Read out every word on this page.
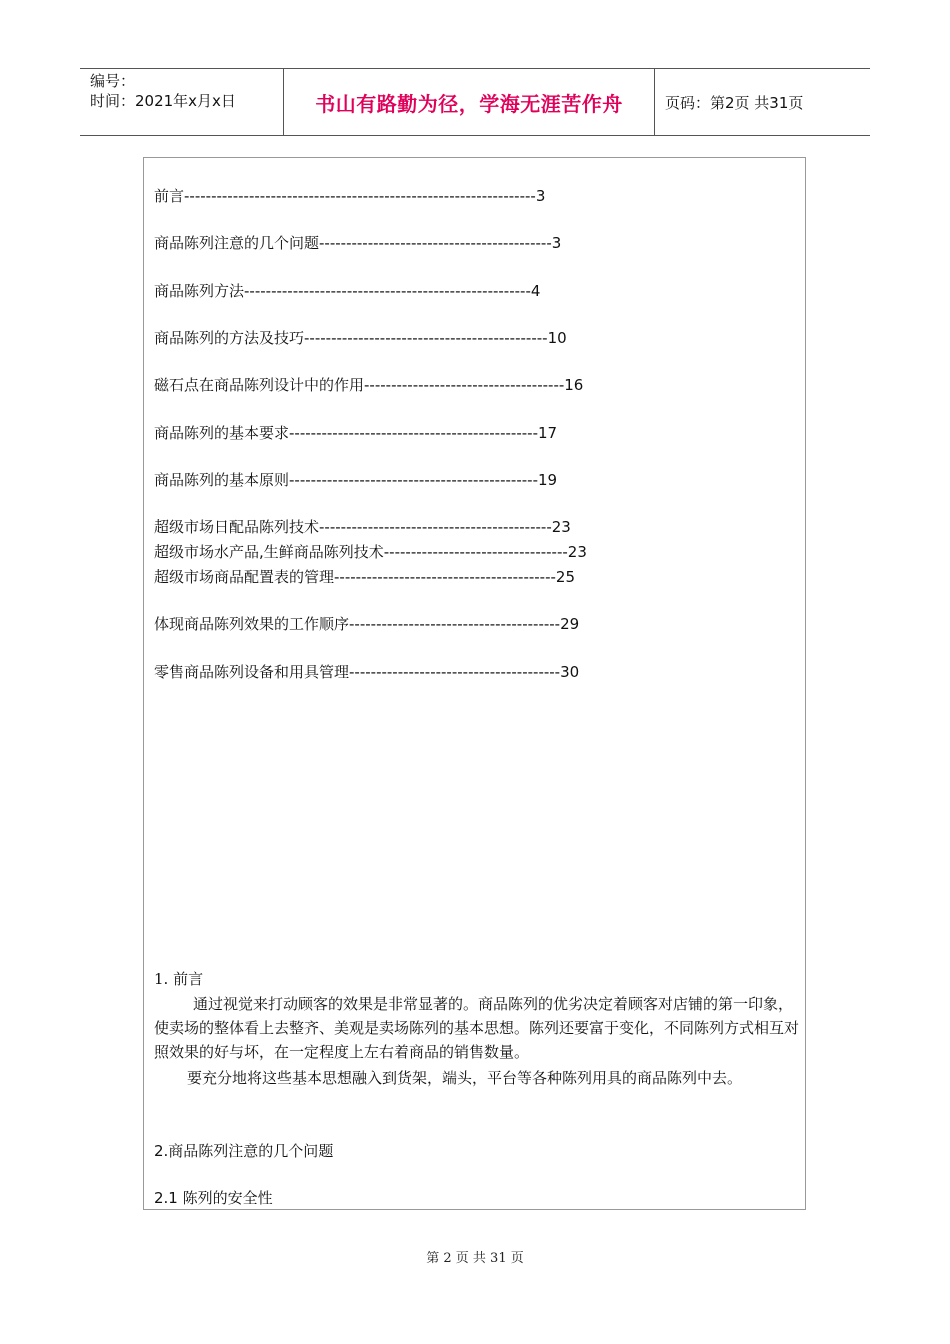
编号：
时间：2021年x月x日	书山有路勤为径，学海无涯苦作舟	页码：第2页 共31页
前言-----------------------------------------------------------------3
商品陈列注意的几个问题-------------------------------------------3
商品陈列方法-----------------------------------------------------4
商品陈列的方法及技巧---------------------------------------------10
磁石点在商品陈列设计中的作用-------------------------------------16
商品陈列的基本要求----------------------------------------------17
商品陈列的基本原则----------------------------------------------19
超级市场日配品陈列技术-------------------------------------------23
超级市场水产品,生鲜商品陈列技术----------------------------------23
超级市场商品配置表的管理-----------------------------------------25
体现商品陈列效果的工作顺序---------------------------------------29
零售商品陈列设备和用具管理---------------------------------------30
1. 前言
通过视觉来打动顾客的效果是非常显著的。商品陈列的优劣决定着顾客对店铺的第一印象，使卖场的整体看上去整齐、美观是卖场陈列的基本思想。陈列还要富于变化，不同陈列方式相互对照效果的好与坏，在一定程度上左右着商品的销售数量。
要充分地将这些基本思想融入到货架，端头，平台等各种陈列用具的商品陈列中去。
2.商品陈列注意的几个问题
2.1 陈列的安全性
第 2 页 共 31 页
